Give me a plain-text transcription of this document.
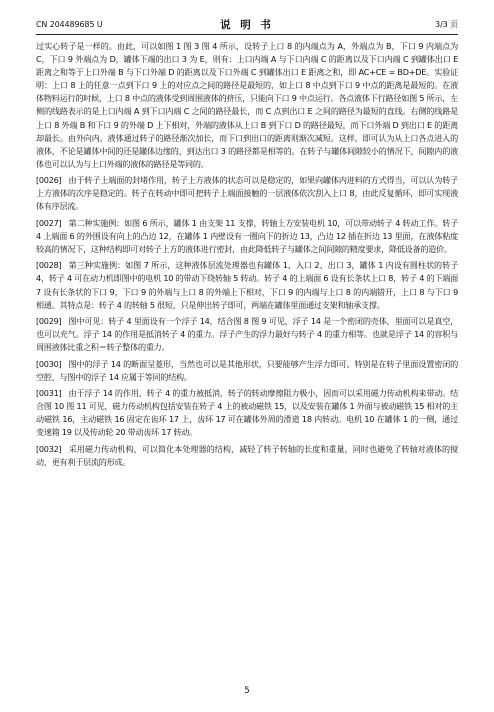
CN 204489685 U	说 明 书	3/3 页

过实心转子是一样的。由此，可以如图 1 图 3 图 4 所示，设转子上口 8 的内端点为 A，外端点为 B，下口 9 内端点为 C，下口 9 外端点为 D，罐体下端的出口 3 为 E，则有：上口内端 A 与下口内端 C 的距离以及下口内端 C 到罐体出口 E 距离之和等于上口外端 B 与下口外端 D 的距离以及下口外端 C 到罐体出口 E 距离之和，即 AC+CE = BD+DE。实验证明：上口 8 上的任意一点到下口 9 上的对应点之间的路径是最短的，如上口 8 中点到下口 9 中点的距离是最短的。在液体物料运行的时候，上口 8 中点的液体受到周围液体的挤压，只能向下口 9 中点运行。各点液体下行路径如图 5 所示，左侧的线路表示的是上口内端 A 到下口内端 C 之间的路径最长，而 C 点到出口 E 之间的路径为最短的直线。右侧的线路是上口 8 外端 B 和下口 9 的外端 D 上下相对，外端的液体从上口 B 到下口 D 的路径最短，而下口外端 D 到出口 E 的距离却最长。由外向内，液体通过转子的路径渐次加长，而下口到出口的距离则渐次减短。这样，即可认为从上口各点进入的液体，不论是罐体中间的还是罐体边缘的，到达出口 3 的路径都是相等的。在转子与罐体间隙较小的情况下，间隙内的液体也可以认为与上口外端的液体的路径是等同的。

[0026] 由于转子上端面的封堵作用，转子上方液体的状态可以是稳定的，如果向罐体内进料的方式得当，可以认为转子上方液体的次序是稳定的。转子在转动中即可把转子上端面接触的一层液体依次刮入上口 8，由此反复循环，即可实现液体有序层流。

[0027] 第二种实施例：如图 6 所示，罐体 1 由支架 11 支撑，转轴上方安装电机 10，可以带动转子 4 转动工作。转子 4 上端面 6 的外围设有向上的凸边 12，在罐体 1 内壁设有一圈向下的折边 13，凸边 12 插在折边 13 里面，在液体粘度较高的情况下，这种结构即可对转子上方的液体进行密封，由此降低转子与罐体之间间隙的精度要求，降低设备的造价。

[0028] 第三种实施例：如图 7 所示，这种液体层流处理器也有罐体 1、入口 2、出口 3，罐体 1 内设有圆柱状的转子 4，转子 4 可在动力机即图中的电机 10 的带动下绕转轴 5 转动。转子 4 的上端面 6 设有长条状上口 8，转子 4 的下端面 7 设有长条状的下口 9，下口 9 的外端与上口 8 的外端上下相对，下口 9 的内端与上口 8 的内端错开，上口 8 与下口 9 相通。其特点是：转子 4 的转轴 5 很短，只是伸出转子即可，两端在罐体里面通过支架和轴承支撑。

[0029] 图中可见：转子 4 里面设有一个浮子 14，结合图 8 图 9 可见，浮子 14 是一个密闭的壳体，里面可以是真空，也可以充气。浮子 14 的作用是抵消转子 4 的重力。浮子产生的浮力最好与转子 4 的重力相等。也就是浮子 14 的容积与周围液体比重之积＝转子整体的重力。

[0030] 图中的浮子 14 的断面呈菱形，当然也可以是其他形状，只要能够产生浮力即可。特别是在转子里面设置密闭的空腔，与图中的浮子 14 应属于等同的结构。

[0031] 由于浮子 14 的作用，转子 4 的重力被抵消，转子的转动摩擦阻力极小，因而可以采用磁力传动机构来带动。结合图 10 图 11 可见，磁力传动机构包括安装在转子 4 上的被动磁铁 15，以及安装在罐体 1 外面与被动磁铁 15 相对的主动磁铁 16，主动磁铁 16 固定在齿环 17 上，齿环 17 可在罐体外周的滑道 18 内转动。电机 10 在罐体 1 的一侧，通过变速箱 19 以及传动轮 20 带动齿环 17 转动。

[0032] 采用磁力传动机构，可以简化本处理器的结构，减轻了转子转轴的长度和重量，同时也避免了转轴对液体的搅动，更有利于层流的形成。

5
